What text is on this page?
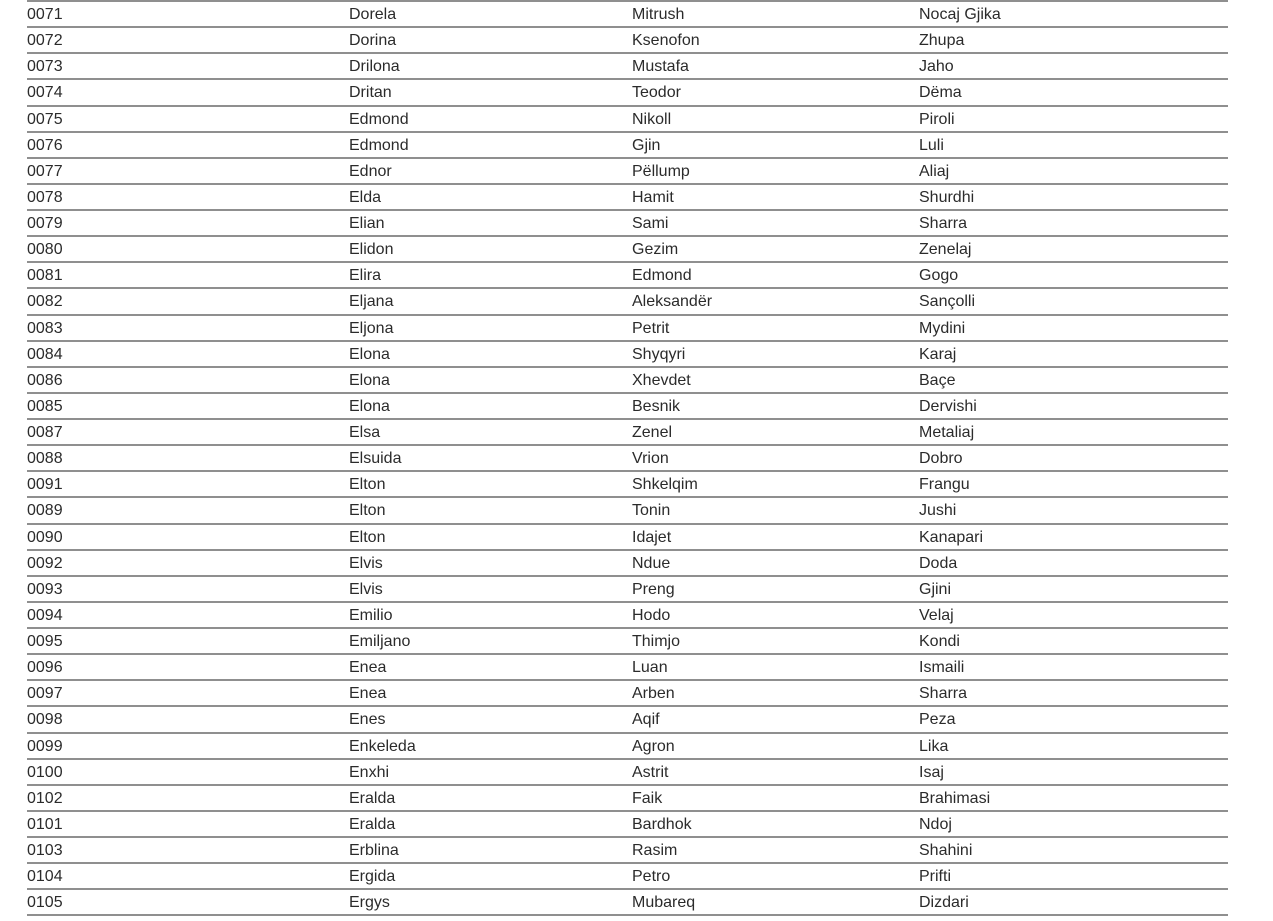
0071	Dorela	Mitrush	Nocaj Gjika
0072	Dorina	Ksenofon	Zhupa
0073	Drilona	Mustafa	Jaho
0074	Dritan	Teodor	Dëma
0075	Edmond	Nikoll	Piroli
0076	Edmond	Gjin	Luli
0077	Ednor	Pëllump	Aliaj
0078	Elda	Hamit	Shurdhi
0079	Elian	Sami	Sharra
0080	Elidon	Gezim	Zenelaj
0081	Elira	Edmond	Gogo
0082	Eljana	Aleksandër	Sançolli
0083	Eljona	Petrit	Mydini
0084	Elona	Shyqyri	Karaj
0086	Elona	Xhevdet	Baçe
0085	Elona	Besnik	Dervishi
0087	Elsa	Zenel	Metaliaj
0088	Elsuida	Vrion	Dobro
0091	Elton	Shkelqim	Frangu
0089	Elton	Tonin	Jushi
0090	Elton	Idajet	Kanapari
0092	Elvis	Ndue	Doda
0093	Elvis	Preng	Gjini
0094	Emilio	Hodo	Velaj
0095	Emiljano	Thimjo	Kondi
0096	Enea	Luan	Ismaili
0097	Enea	Arben	Sharra
0098	Enes	Aqif	Peza
0099	Enkeleda	Agron	Lika
0100	Enxhi	Astrit	Isaj
0102	Eralda	Faik	Brahimasi
0101	Eralda	Bardhok	Ndoj
0103	Erblina	Rasim	Shahini
0104	Ergida	Petro	Prifti
0105	Ergys	Mubareq	Dizdari
